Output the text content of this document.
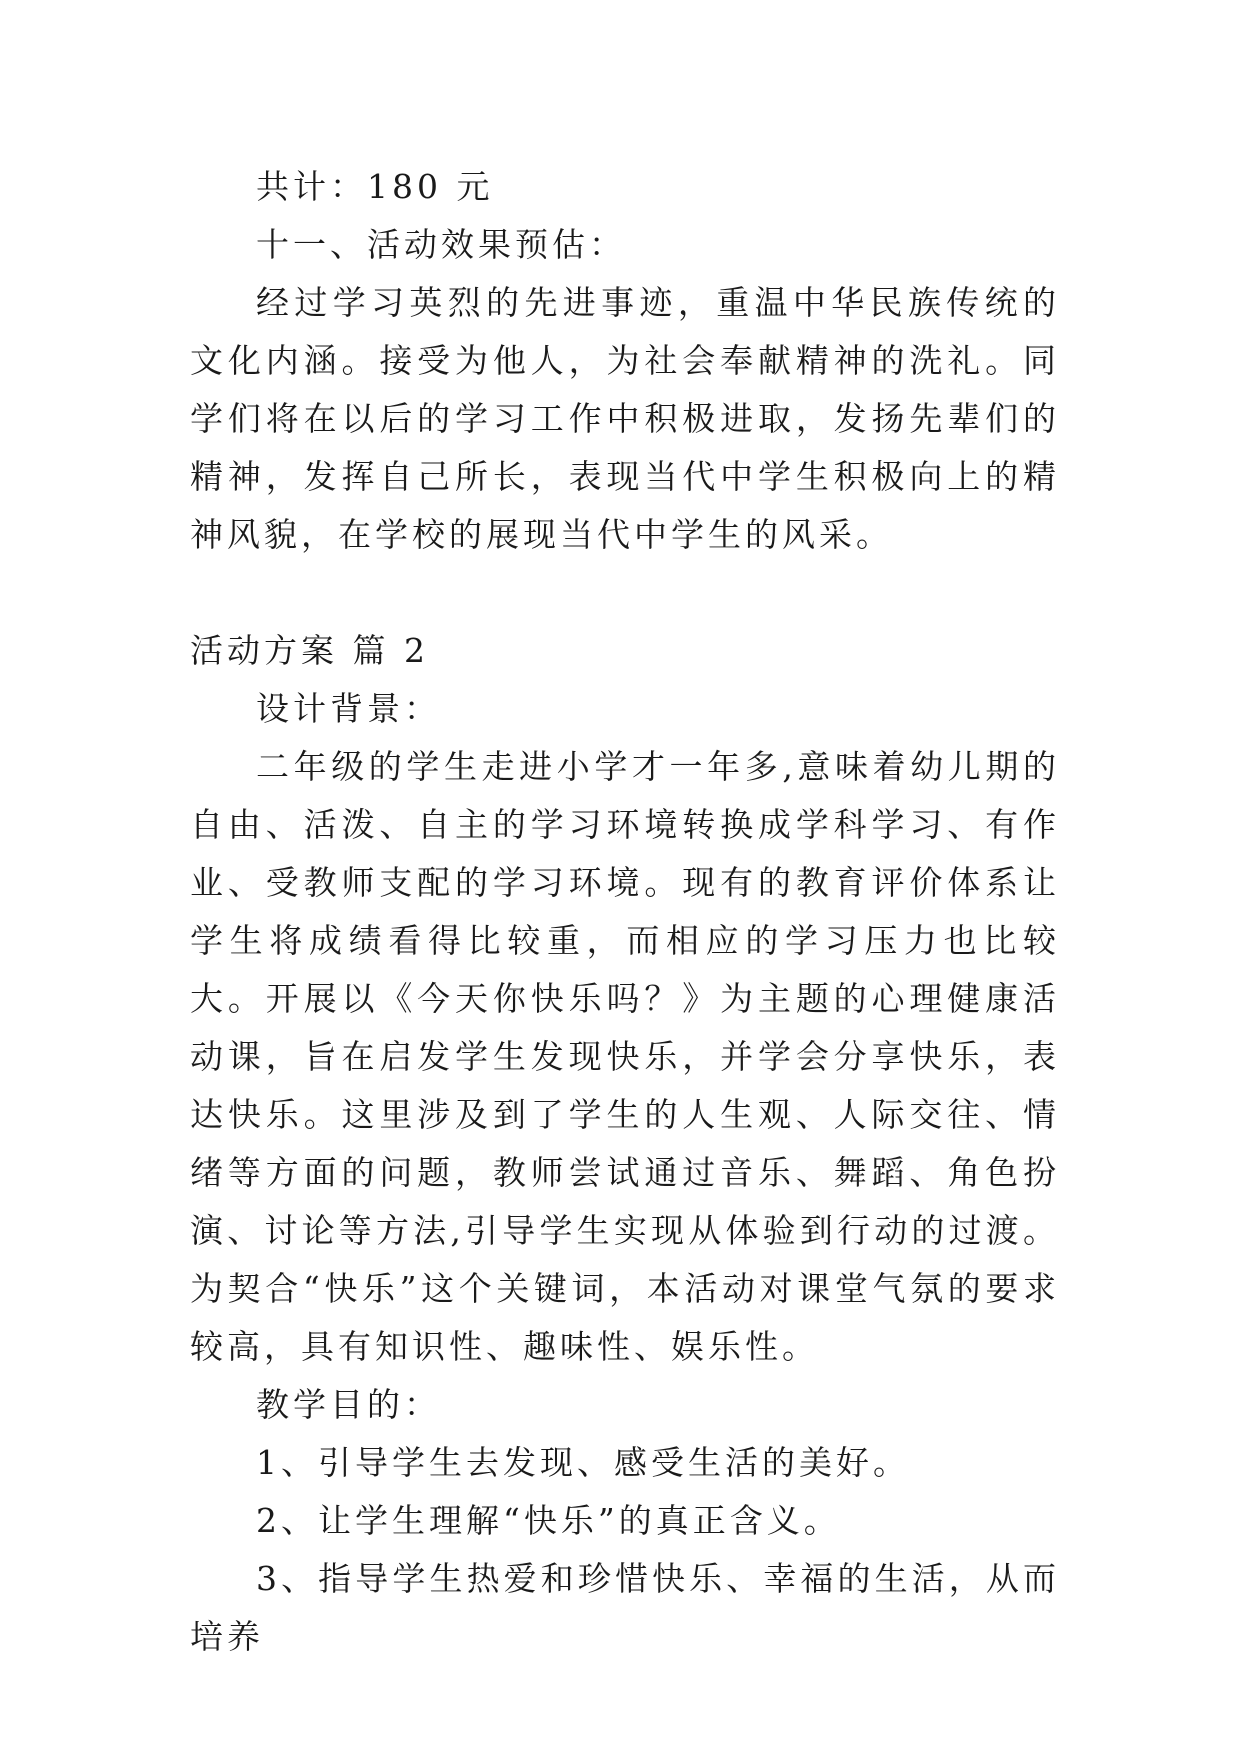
共计：180 元

十一、活动效果预估：

经过学习英烈的先进事迹，重温中华民族传统的文化内涵。接受为他人，为社会奉献精神的洗礼。同学们将在以后的学习工作中积极进取，发扬先辈们的精神，发挥自己所长，表现当代中学生积极向上的精神风貌，在学校的展现当代中学生的风采。

活动方案 篇 2

设计背景：

二年级的学生走进小学才一年多,意味着幼儿期的自由、活泼、自主的学习环境转换成学科学习、有作业、受教师支配的学习环境。现有的教育评价体系让学生将成绩看得比较重，而相应的学习压力也比较大。开展以《今天你快乐吗？》为主题的心理健康活动课，旨在启发学生发现快乐，并学会分享快乐，表达快乐。这里涉及到了学生的人生观、人际交往、情绪等方面的问题，教师尝试通过音乐、舞蹈、角色扮演、讨论等方法,引导学生实现从体验到行动的过渡。为契合“快乐”这个关键词，本活动对课堂气氛的要求较高，具有知识性、趣味性、娱乐性。

教学目的：

1、引导学生去发现、感受生活的美好。

2、让学生理解“快乐”的真正含义。

3、指导学生热爱和珍惜快乐、幸福的生活，从而培养
